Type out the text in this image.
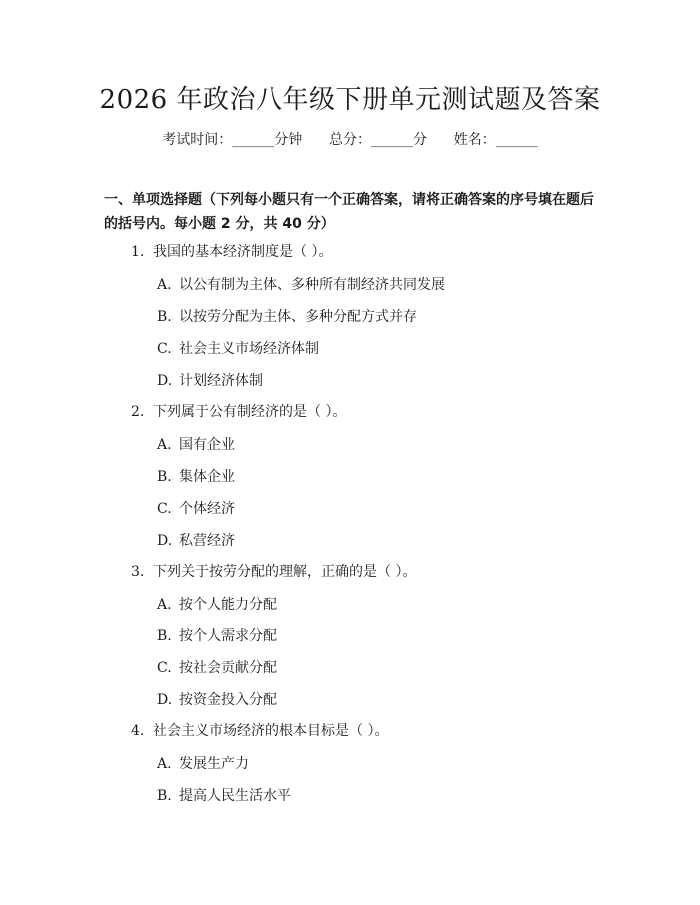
2026 年政治八年级下册单元测试题及答案
考试时间：______分钟      总分：______分      姓名：______
一、单项选择题（下列每小题只有一个正确答案，请将正确答案的序号填在题后的括号内。每小题 2 分，共 40 分）
1. 我国的基本经济制度是（ ）。
A. 以公有制为主体、多种所有制经济共同发展
B. 以按劳分配为主体、多种分配方式并存
C. 社会主义市场经济体制
D. 计划经济体制
2. 下列属于公有制经济的是（ ）。
A. 国有企业
B. 集体企业
C. 个体经济
D. 私营经济
3. 下列关于按劳分配的理解，正确的是（ ）。
A. 按个人能力分配
B. 按个人需求分配
C. 按社会贡献分配
D. 按资金投入分配
4. 社会主义市场经济的根本目标是（ ）。
A. 发展生产力
B. 提高人民生活水平
